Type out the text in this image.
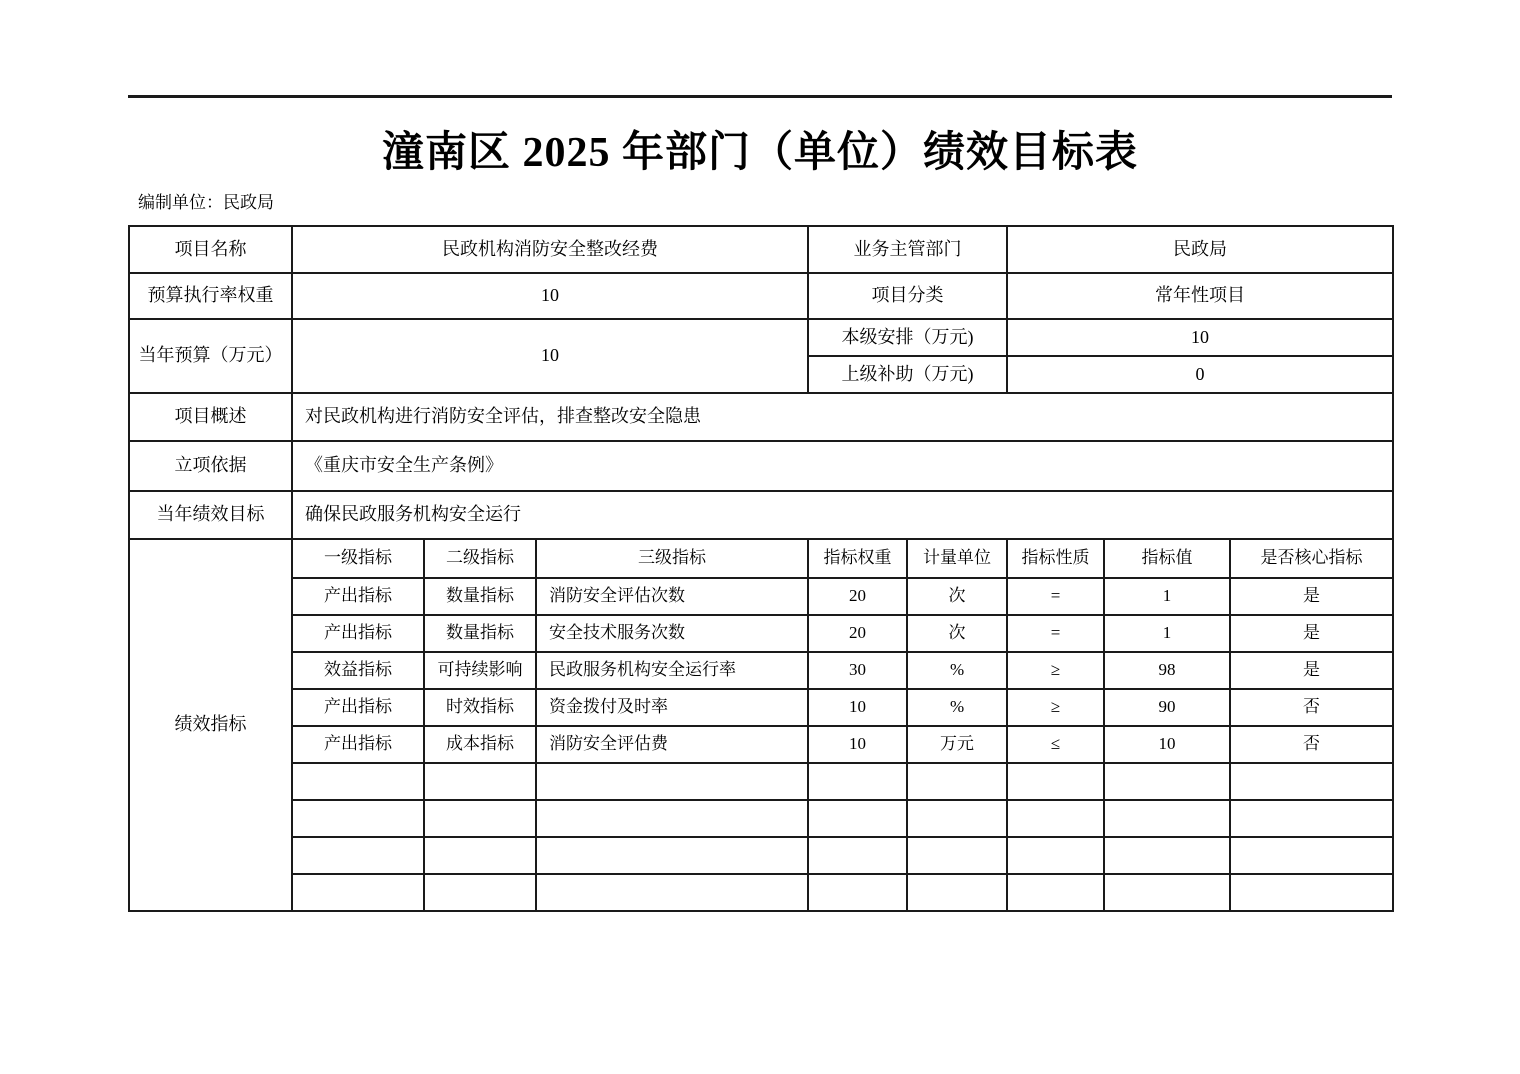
潼南区 2025 年部门（单位）绩效目标表
编制单位：民政局
项目名称	民政机构消防安全整改经费			业务主管部门		民政局		
预算执行率权重	10			项目分类		常年性项目		
当年预算（万元）	10			本级安排（万元)		10		
				上级补助（万元)		0		
项目概述	对民政机构进行消防安全评估，排查整改安全隐患							
立项依据	《重庆市安全生产条例》							
当年绩效目标	确保民政服务机构安全运行							
绩效指标	一级指标	二级指标	三级指标	指标权重	计量单位	指标性质	指标值	是否核心指标
	产出指标	数量指标	消防安全评估次数	20	次	=	1	是
	产出指标	数量指标	安全技术服务次数	20	次	=	1	是
	效益指标	可持续影响	民政服务机构安全运行率	30	%	≥	98	是
	产出指标	时效指标	资金拨付及时率	10	%	≥	90	否
	产出指标	成本指标	消防安全评估费	10	万元	≤	10	否
